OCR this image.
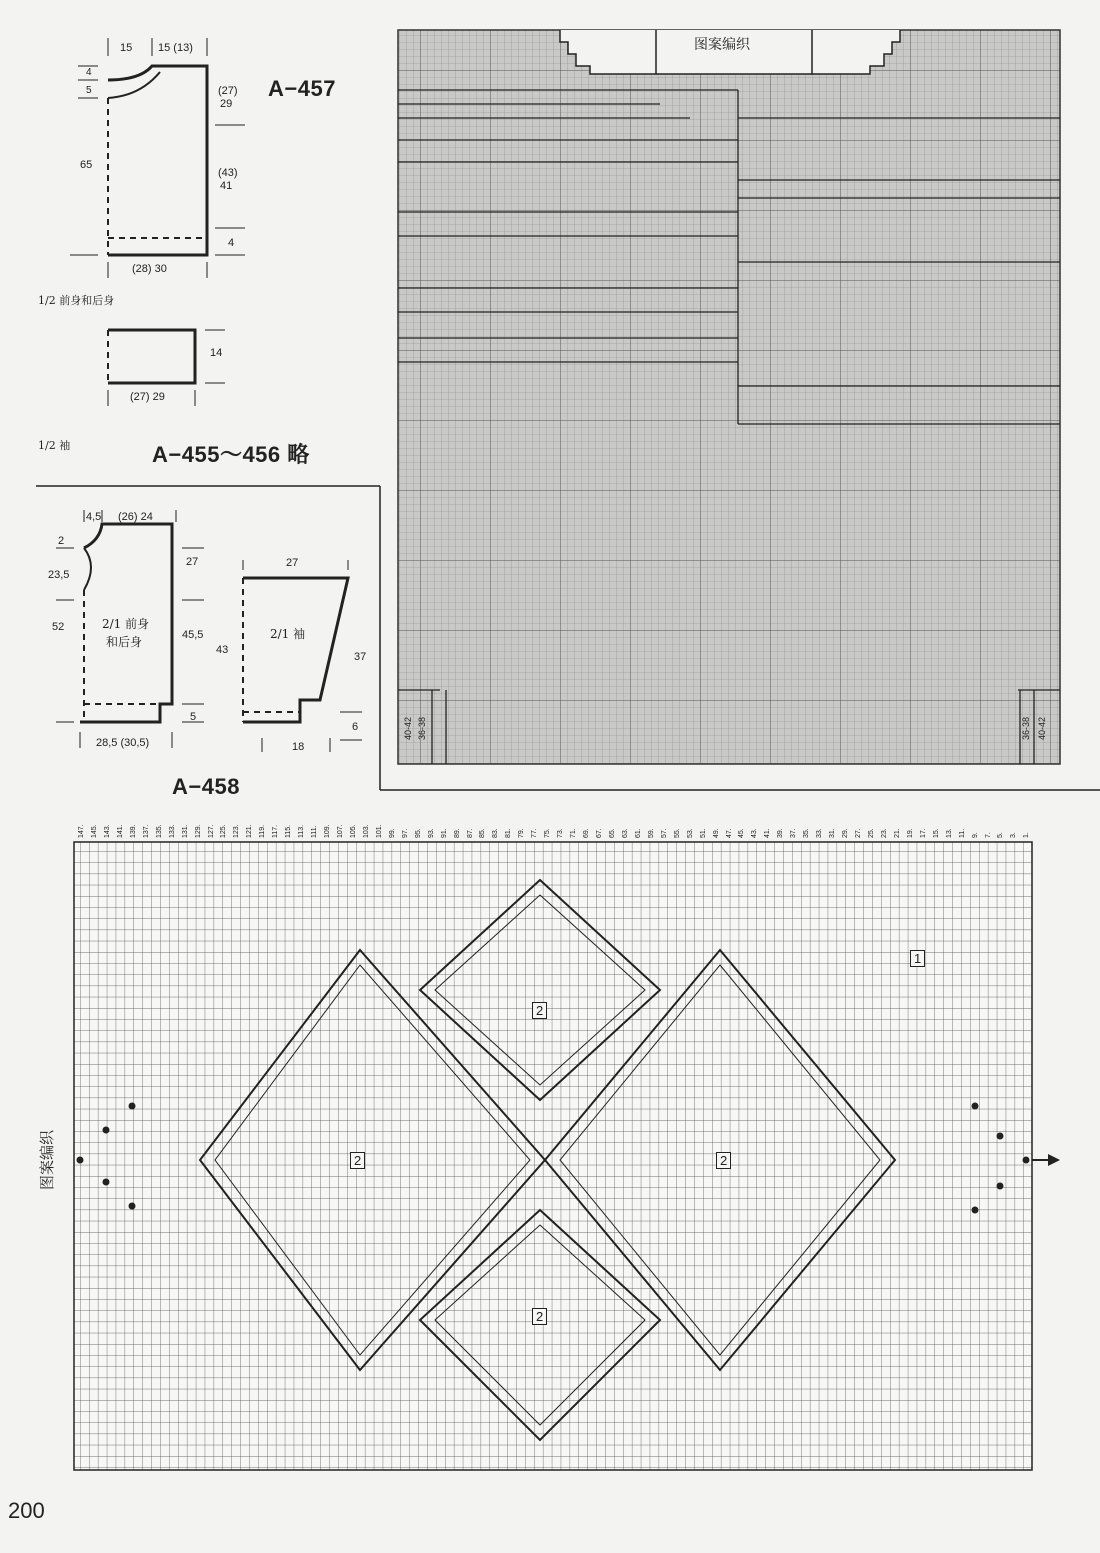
15 15 (13)
4
5
65
(27)
29
(43)
41
4
(28) 30
A−457
1/2 前身和后身
14
(27) 29
1/2 袖	A−455～456 略
4,5 (26) 24
2
23,5
52
27
45,5
5
28,5 (30,5)
2/1 前身
和后身
27
43
37
6
18
2/1 袖
A−458
图案编织
40-42 36-38	36-38 40-42
147. 145. 143. 141. 139. 137. 135. 133. 131. 129. 127. 125. 123. 121. 119. 117. 115. 113. 111. 109. 107. 105. 103. 101. 99. 97. 95. 93. 91. 89. 87. 85. 83. 81. 79. 77. 75. 73. 71. 69. 67. 65. 63. 61. 59. 57. 55. 53. 51. 49. 47. 45. 43. 41. 39. 37. 35. 33. 31. 29. 27. 25. 23. 21. 19. 17. 15. 13. 11. 9. 7. 5. 3. 1.
2
2
2
2
1
图案编织
200
